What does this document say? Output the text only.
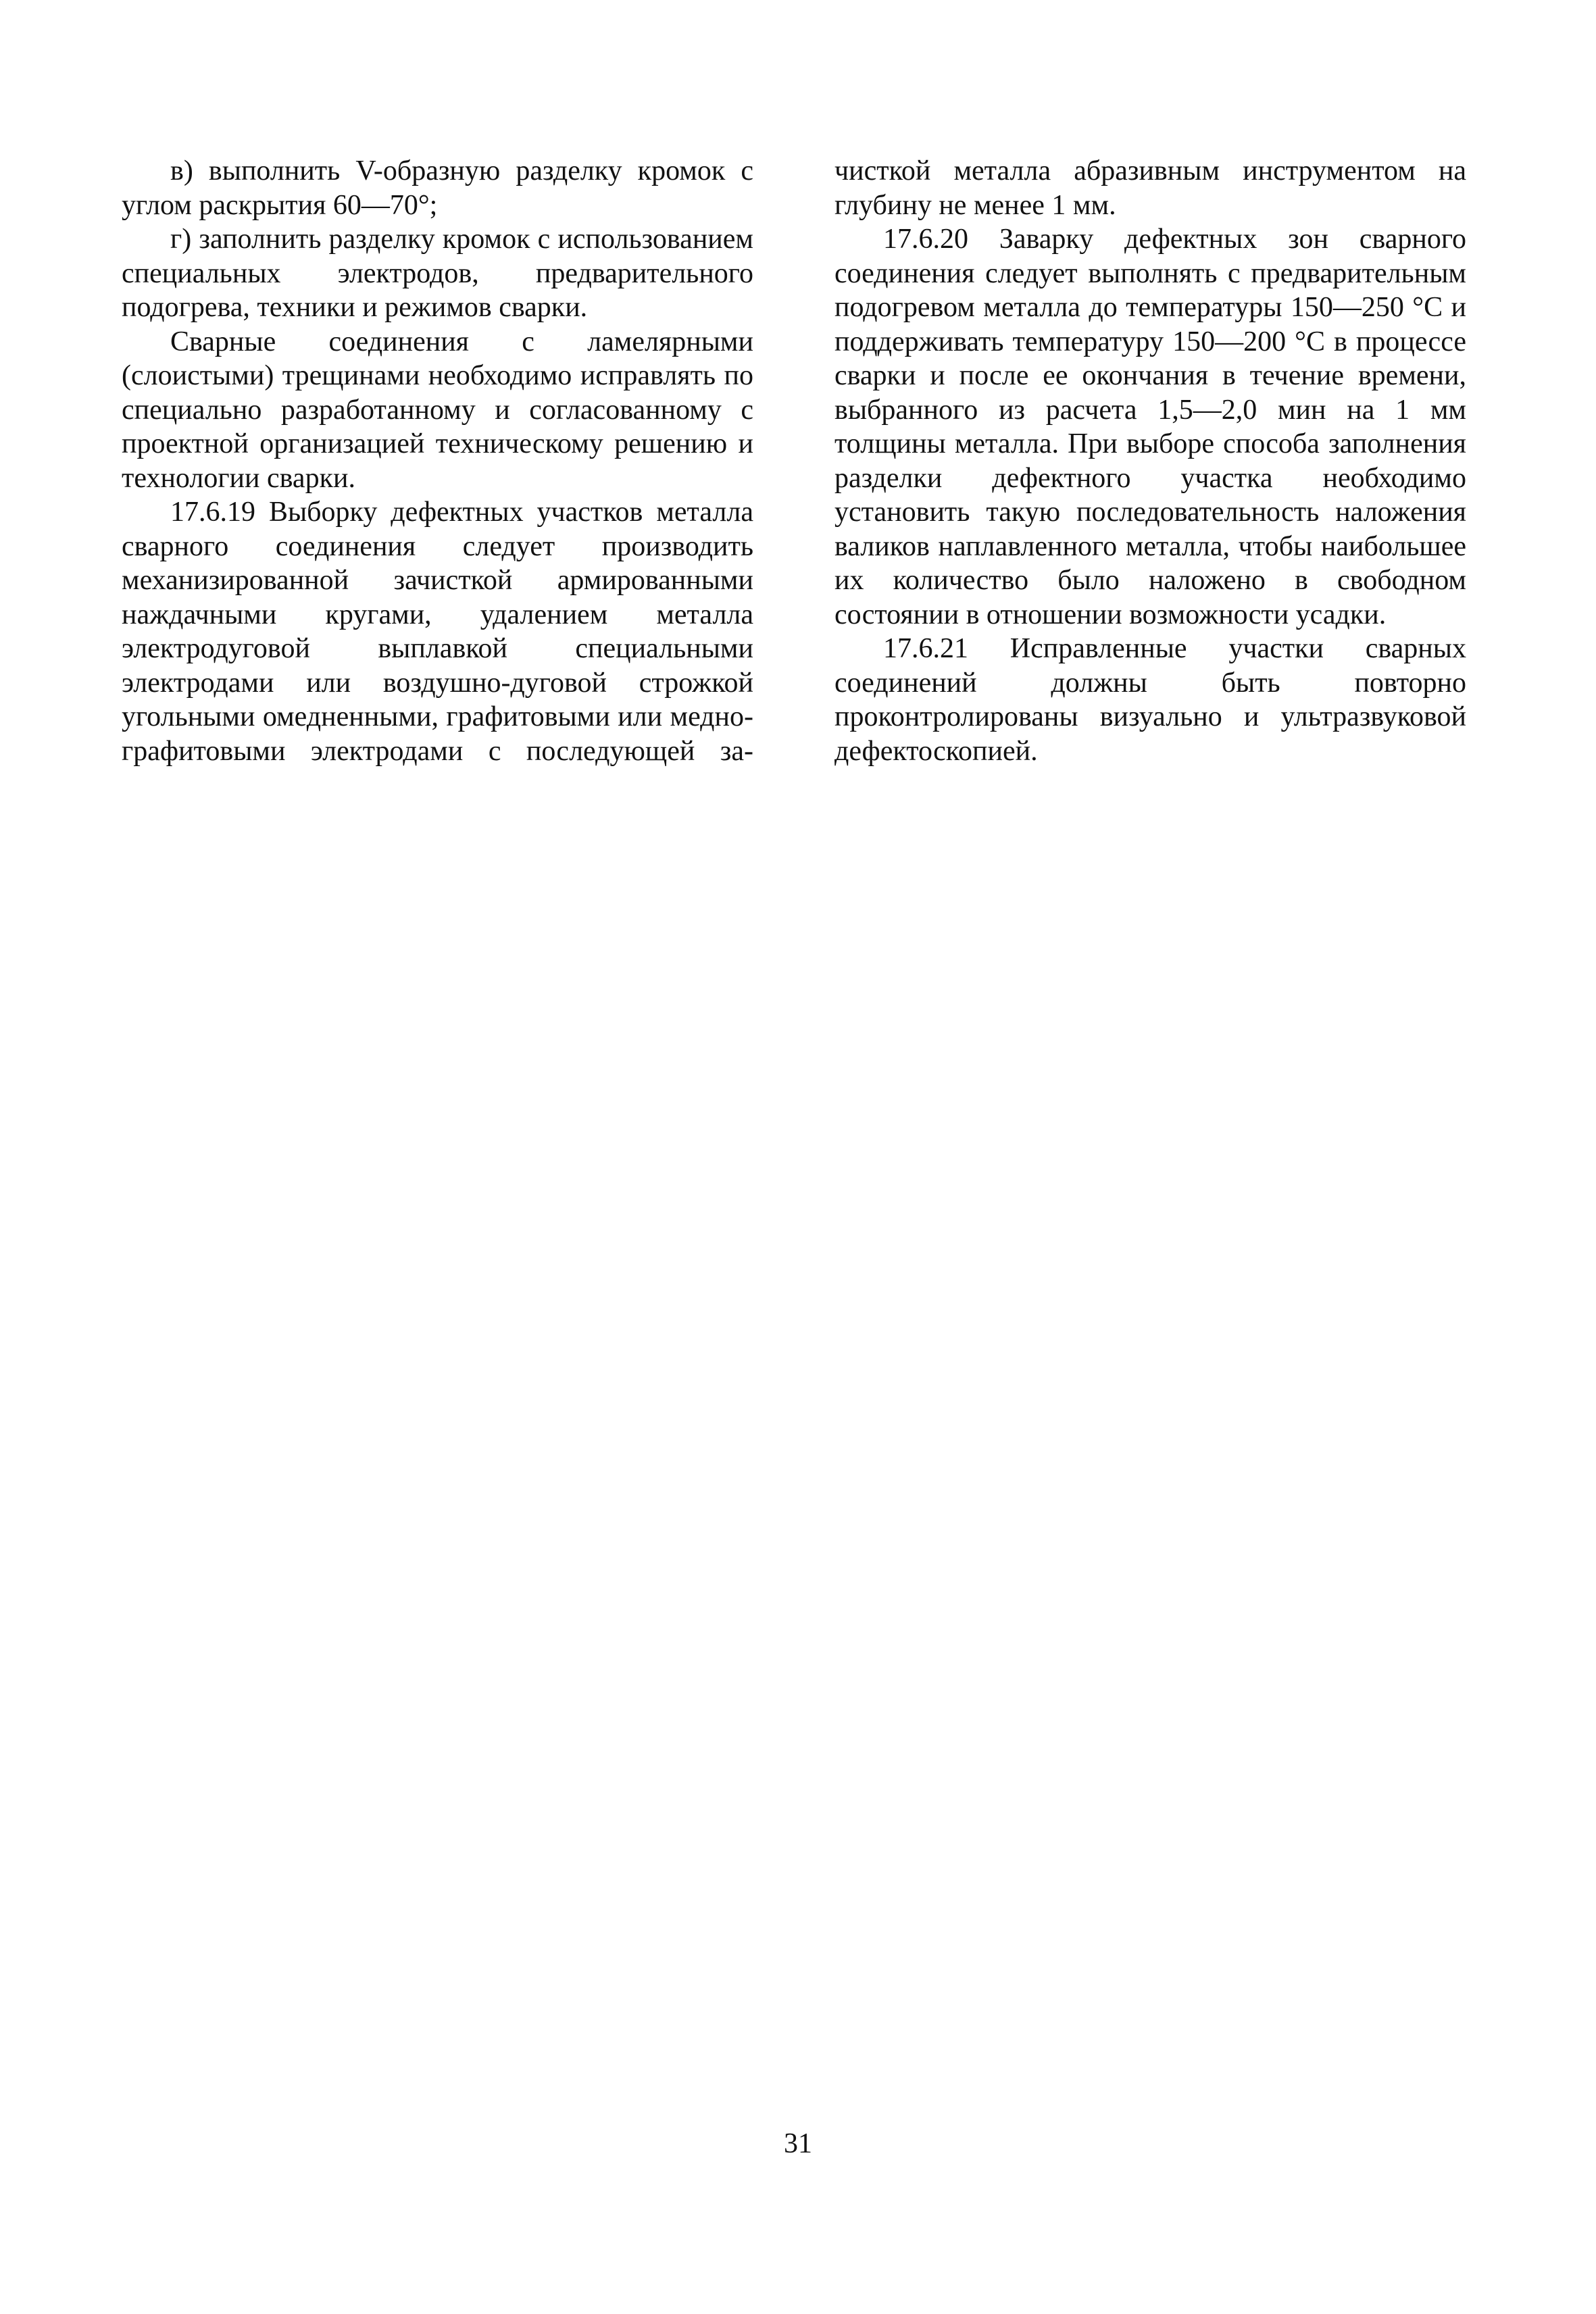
в) выполнить V-образную разделку кромок с углом раскрытия 60—70°;

г) заполнить разделку кромок с использованием специальных электродов, предварительного подогрева, техники и режимов сварки.

Сварные соединения с ламелярными (слоистыми) трещинами необходимо исправлять по специально разработанному и согласованному с проектной организацией техническому решению и технологии сварки.

17.6.19 Выборку дефектных участков металла сварного соединения следует производить механизированной зачисткой армированными наждачными кругами, удалением металла электродуговой выплавкой специальными электродами или воздушно-дуговой строжкой угольными омедненными, графитовыми или медно-графитовыми электродами с последующей за-

чисткой металла абразивным инструментом на глубину не менее 1 мм.

17.6.20 Заварку дефектных зон сварного соединения следует выполнять с предварительным подогревом металла до температуры 150—250 °С и поддерживать температуру 150—200 °С в процессе сварки и после ее окончания в течение времени, выбранного из расчета 1,5—2,0 мин на 1 мм толщины металла. При выборе способа заполнения разделки дефектного участка необходимо установить такую последовательность наложения валиков наплавленного металла, чтобы наибольшее их количество было наложено в свободном состоянии в отношении возможности усадки.

17.6.21 Исправленные участки сварных соединений должны быть повторно проконтролированы визуально и ультразвуковой дефектоскопией.

31
